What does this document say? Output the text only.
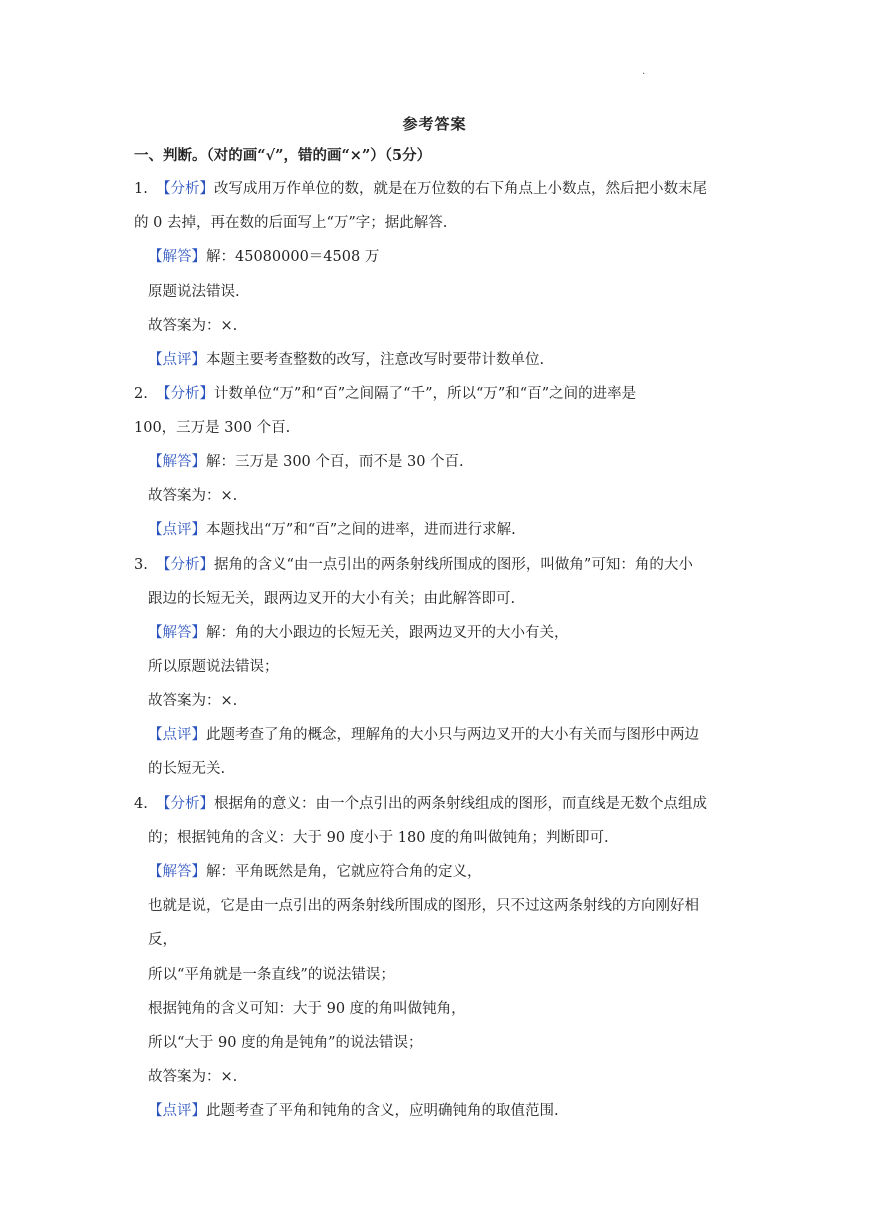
.
参考答案
一、判断。（对的画“√”，错的画“×”）（5分）
1. 【分析】改写成用万作单位的数，就是在万位数的右下角点上小数点，然后把小数末尾
的 0 去掉，再在数的后面写上“万”字；据此解答.
【解答】解：45080000＝4508 万
原题说法错误.
故答案为：×.
【点评】本题主要考查整数的改写，注意改写时要带计数单位.
2. 【分析】计数单位“万”和“百”之间隔了“千”，所以“万”和“百”之间的进率是
100，三万是 300 个百.
【解答】解：三万是 300 个百，而不是 30 个百.
故答案为：×.
【点评】本题找出“万”和“百”之间的进率，进而进行求解.
3. 【分析】据角的含义“由一点引出的两条射线所围成的图形，叫做角”可知：角的大小
跟边的长短无关，跟两边叉开的大小有关；由此解答即可.
【解答】解：角的大小跟边的长短无关，跟两边叉开的大小有关，
所以原题说法错误；
故答案为：×.
【点评】此题考查了角的概念，理解角的大小只与两边叉开的大小有关而与图形中两边
的长短无关.
4. 【分析】根据角的意义：由一个点引出的两条射线组成的图形，而直线是无数个点组成
的；根据钝角的含义：大于 90 度小于 180 度的角叫做钝角；判断即可.
【解答】解：平角既然是角，它就应符合角的定义，
也就是说，它是由一点引出的两条射线所围成的图形，只不过这两条射线的方向刚好相
反，
所以“平角就是一条直线”的说法错误；
根据钝角的含义可知：大于 90 度的角叫做钝角，
所以“大于 90 度的角是钝角”的说法错误；
故答案为：×.
【点评】此题考查了平角和钝角的含义，应明确钝角的取值范围.
